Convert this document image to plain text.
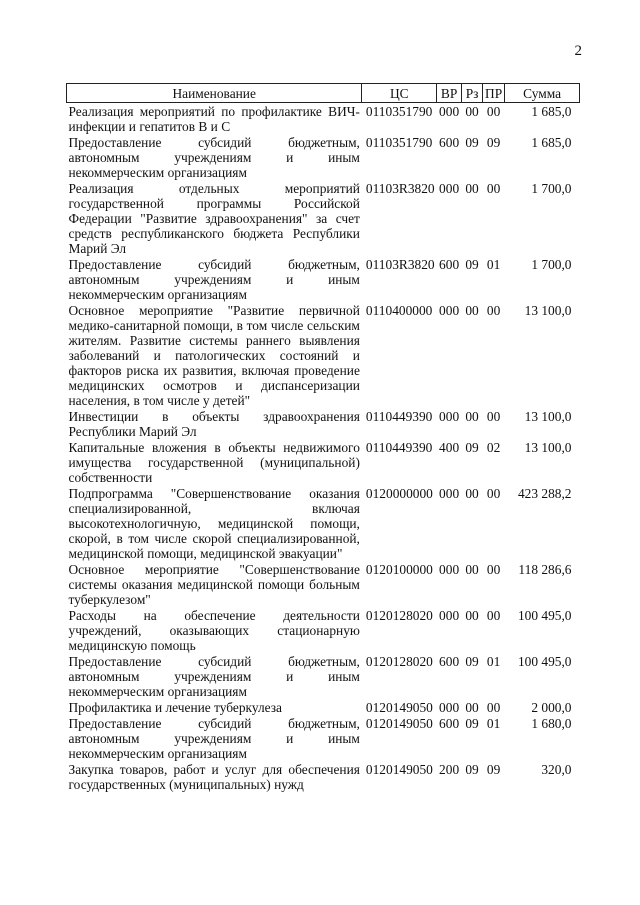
2
Наименование	ЦС	ВР	Рз	ПР	Сумма
Реализация мероприятий по профилактике ВИЧ-инфекции и гепатитов В и С	0110351790	000	00	00	1 685,0
Предоставление субсидий бюджетным, автономным учреждениям и иным некоммерческим организациям	0110351790	600	09	09	1 685,0
Реализация отдельных мероприятий государственной программы Российской Федерации "Развитие здравоохранения" за счет средств республиканского бюджета Республики Марий Эл	01103R3820	000	00	00	1 700,0
Предоставление субсидий бюджетным, автономным учреждениям и иным некоммерческим организациям	01103R3820	600	09	01	1 700,0
Основное мероприятие "Развитие первичной медико-санитарной помощи, в том числе сельским жителям. Развитие системы раннего выявления заболеваний и патологических состояний и факторов риска их развития, включая проведение медицинских осмотров и диспансеризации населения, в том числе у детей"	0110400000	000	00	00	13 100,0
Инвестиции в объекты здравоохранения Республики Марий Эл	0110449390	000	00	00	13 100,0
Капитальные вложения в объекты недвижимого имущества государственной (муниципальной) собственности	0110449390	400	09	02	13 100,0
Подпрограмма "Совершенствование оказания специализированной, включая высокотехнологичную, медицинской помощи, скорой, в том числе скорой специализированной, медицинской помощи, медицинской эвакуации"	0120000000	000	00	00	423 288,2
Основное мероприятие "Совершенствование системы оказания медицинской помощи больным туберкулезом"	0120100000	000	00	00	118 286,6
Расходы на обеспечение деятельности учреждений, оказывающих стационарную медицинскую помощь	0120128020	000	00	00	100 495,0
Предоставление субсидий бюджетным, автономным учреждениям и иным некоммерческим организациям	0120128020	600	09	01	100 495,0
Профилактика и лечение туберкулеза	0120149050	000	00	00	2 000,0
Предоставление субсидий бюджетным, автономным учреждениям и иным некоммерческим организациям	0120149050	600	09	01	1 680,0
Закупка товаров, работ и услуг для обеспечения государственных (муниципальных) нужд	0120149050	200	09	09	320,0
